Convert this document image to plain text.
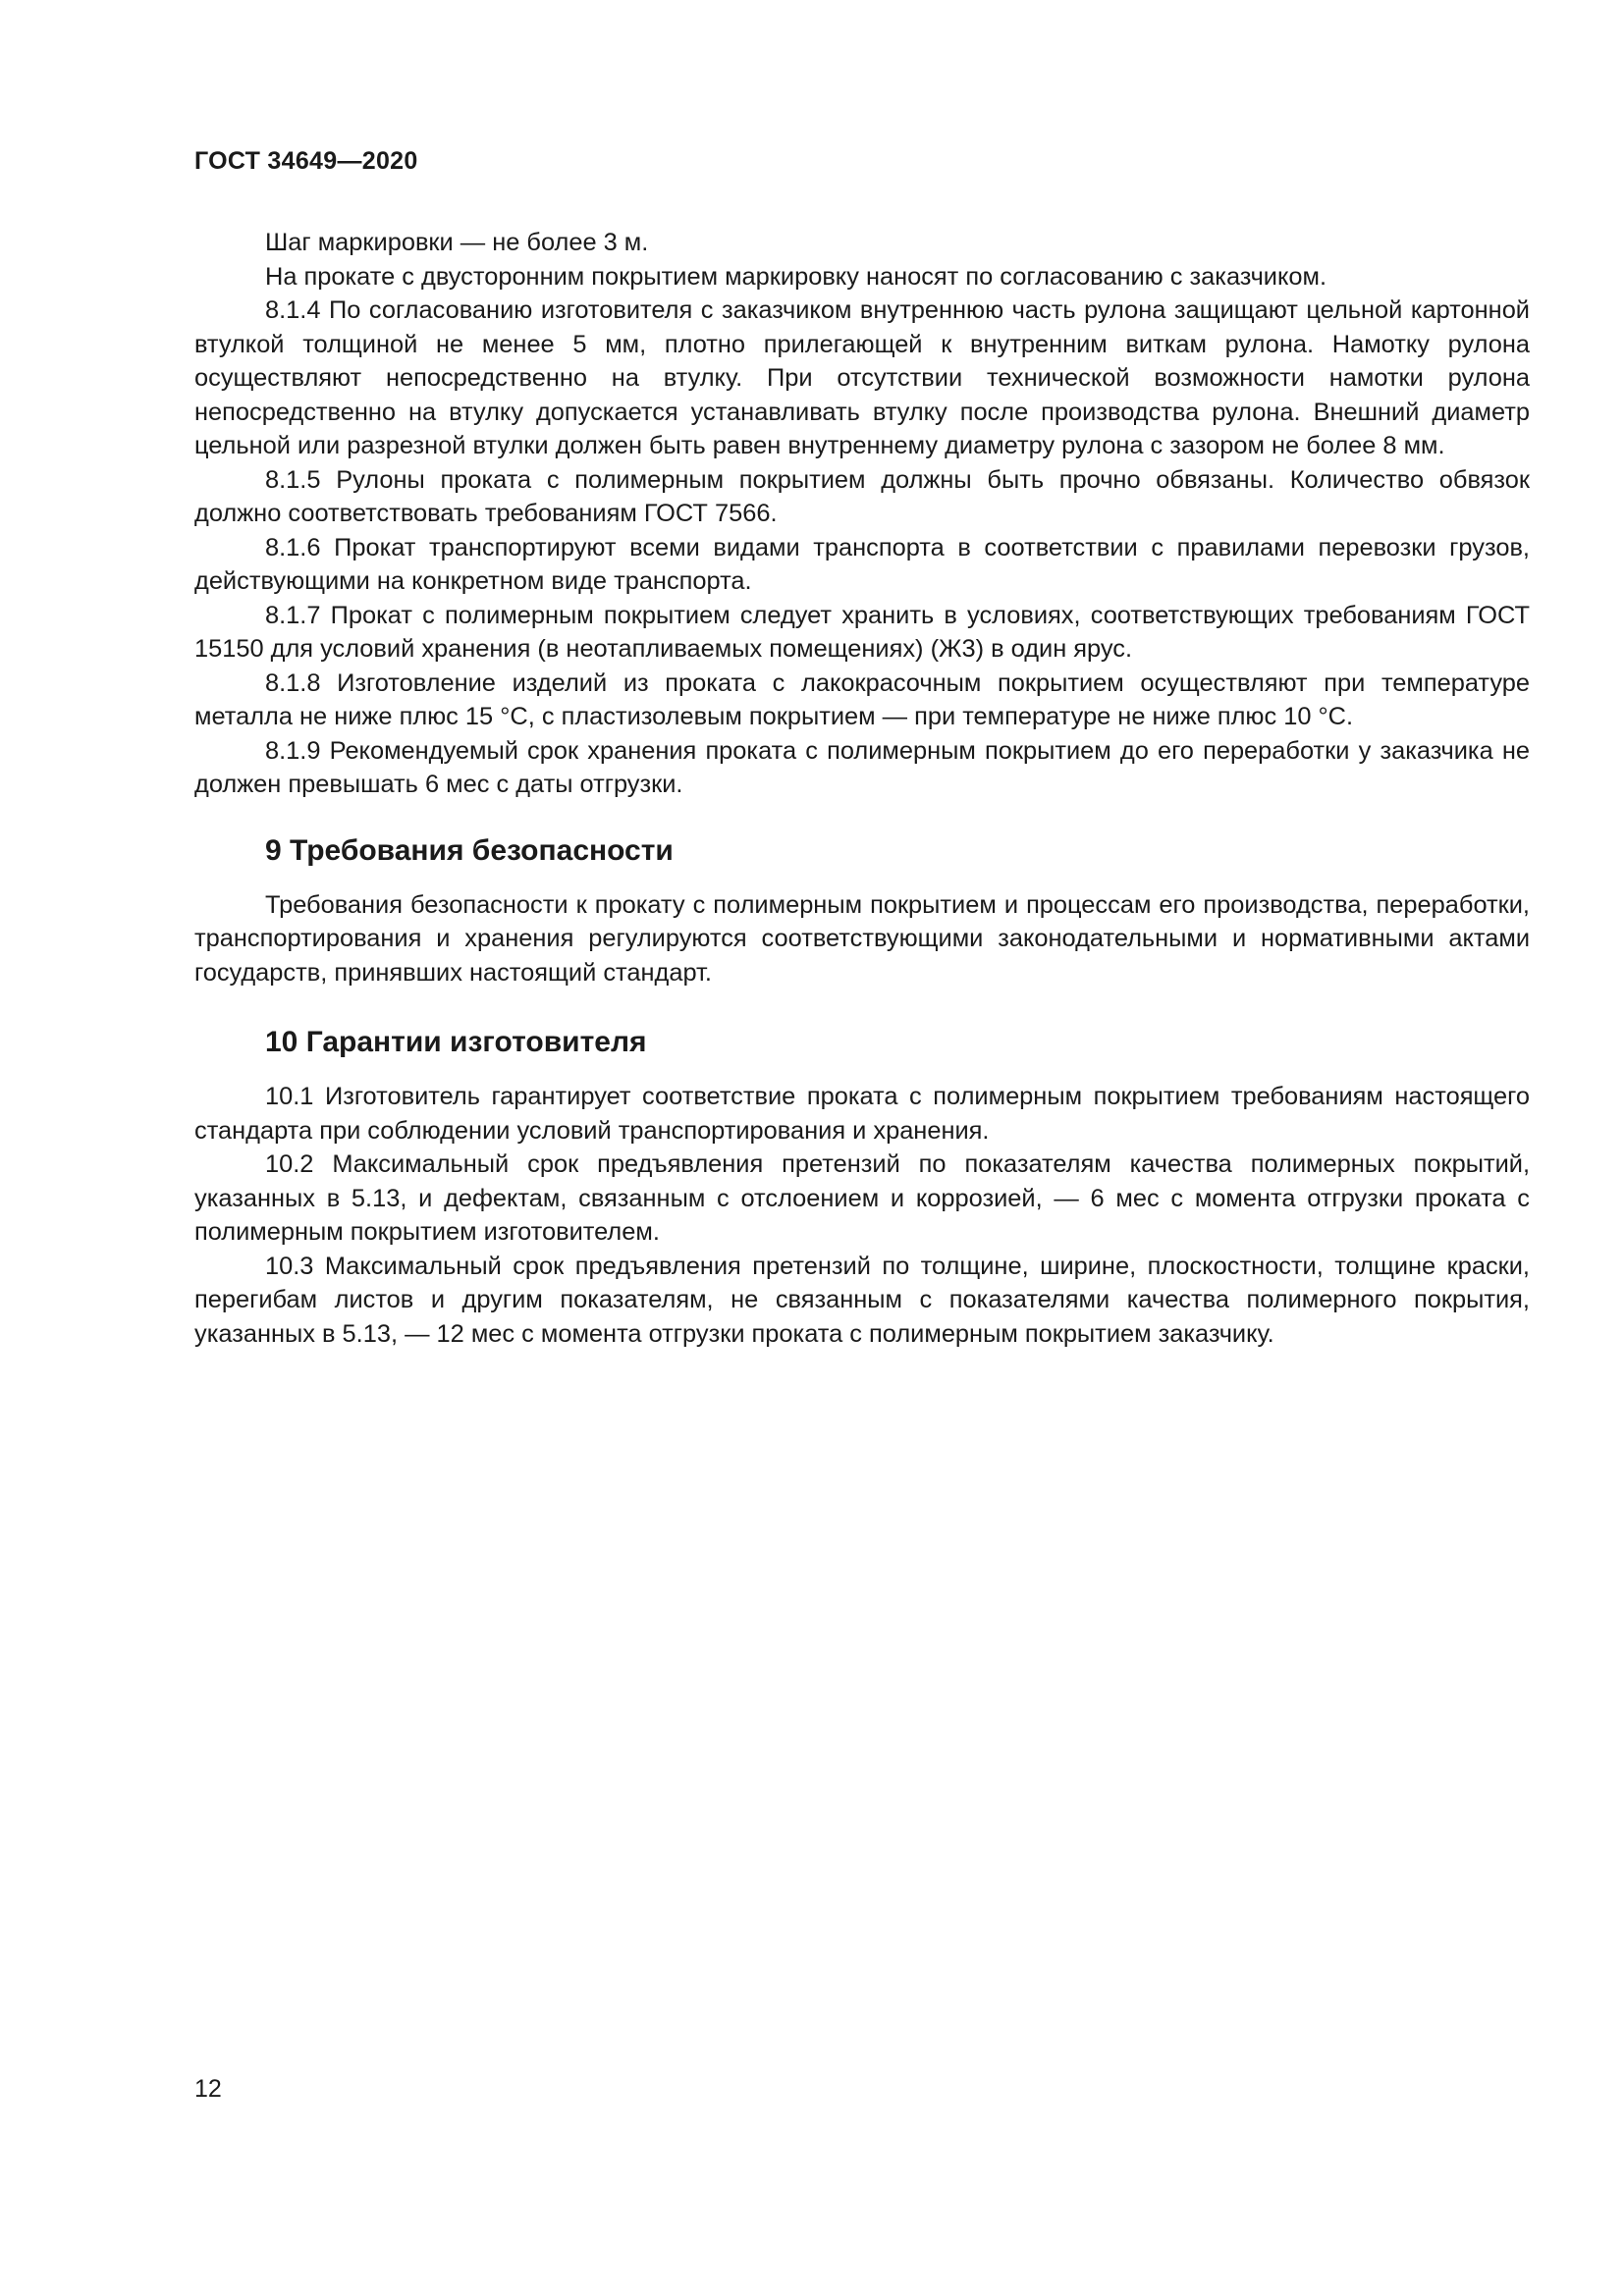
ГОСТ 34649—2020

Шаг маркировки — не более 3 м.

На прокате с двусторонним покрытием маркировку наносят по согласованию с заказчиком.

8.1.4 По согласованию изготовителя с заказчиком внутреннюю часть рулона защищают цельной картонной втулкой толщиной не менее 5 мм, плотно прилегающей к внутренним виткам рулона. Намотку рулона осуществляют непосредственно на втулку. При отсутствии технической возможности намотки рулона непосредственно на втулку допускается устанавливать втулку после производства рулона. Внешний диаметр цельной или разрезной втулки должен быть равен внутреннему диаметру рулона с зазором не более 8 мм.

8.1.5 Рулоны проката с полимерным покрытием должны быть прочно обвязаны. Количество обвязок должно соответствовать требованиям ГОСТ 7566.

8.1.6 Прокат транспортируют всеми видами транспорта в соответствии с правилами перевозки грузов, действующими на конкретном виде транспорта.

8.1.7 Прокат с полимерным покрытием следует хранить в условиях, соответствующих требованиям ГОСТ 15150 для условий хранения (в неотапливаемых помещениях) (Ж3) в один ярус.

8.1.8 Изготовление изделий из проката с лакокрасочным покрытием осуществляют при температуре металла не ниже плюс 15 °С, с пластизолевым покрытием — при температуре не ниже плюс 10 °С.

8.1.9 Рекомендуемый срок хранения проката с полимерным покрытием до его переработки у заказчика не должен превышать 6 мес с даты отгрузки.

9 Требования безопасности

Требования безопасности к прокату с полимерным покрытием и процессам его производства, переработки, транспортирования и хранения регулируются соответствующими законодательными и нормативными актами государств, принявших настоящий стандарт.

10 Гарантии изготовителя

10.1 Изготовитель гарантирует соответствие проката с полимерным покрытием требованиям настоящего стандарта при соблюдении условий транспортирования и хранения.

10.2 Максимальный срок предъявления претензий по показателям качества полимерных покрытий, указанных в 5.13, и дефектам, связанным с отслоением и коррозией, — 6 мес с момента отгрузки проката с полимерным покрытием изготовителем.

10.3 Максимальный срок предъявления претензий по толщине, ширине, плоскостности, толщине краски, перегибам листов и другим показателям, не связанным с показателями качества полимерного покрытия, указанных в 5.13, — 12 мес с момента отгрузки проката с полимерным покрытием заказчику.

12
